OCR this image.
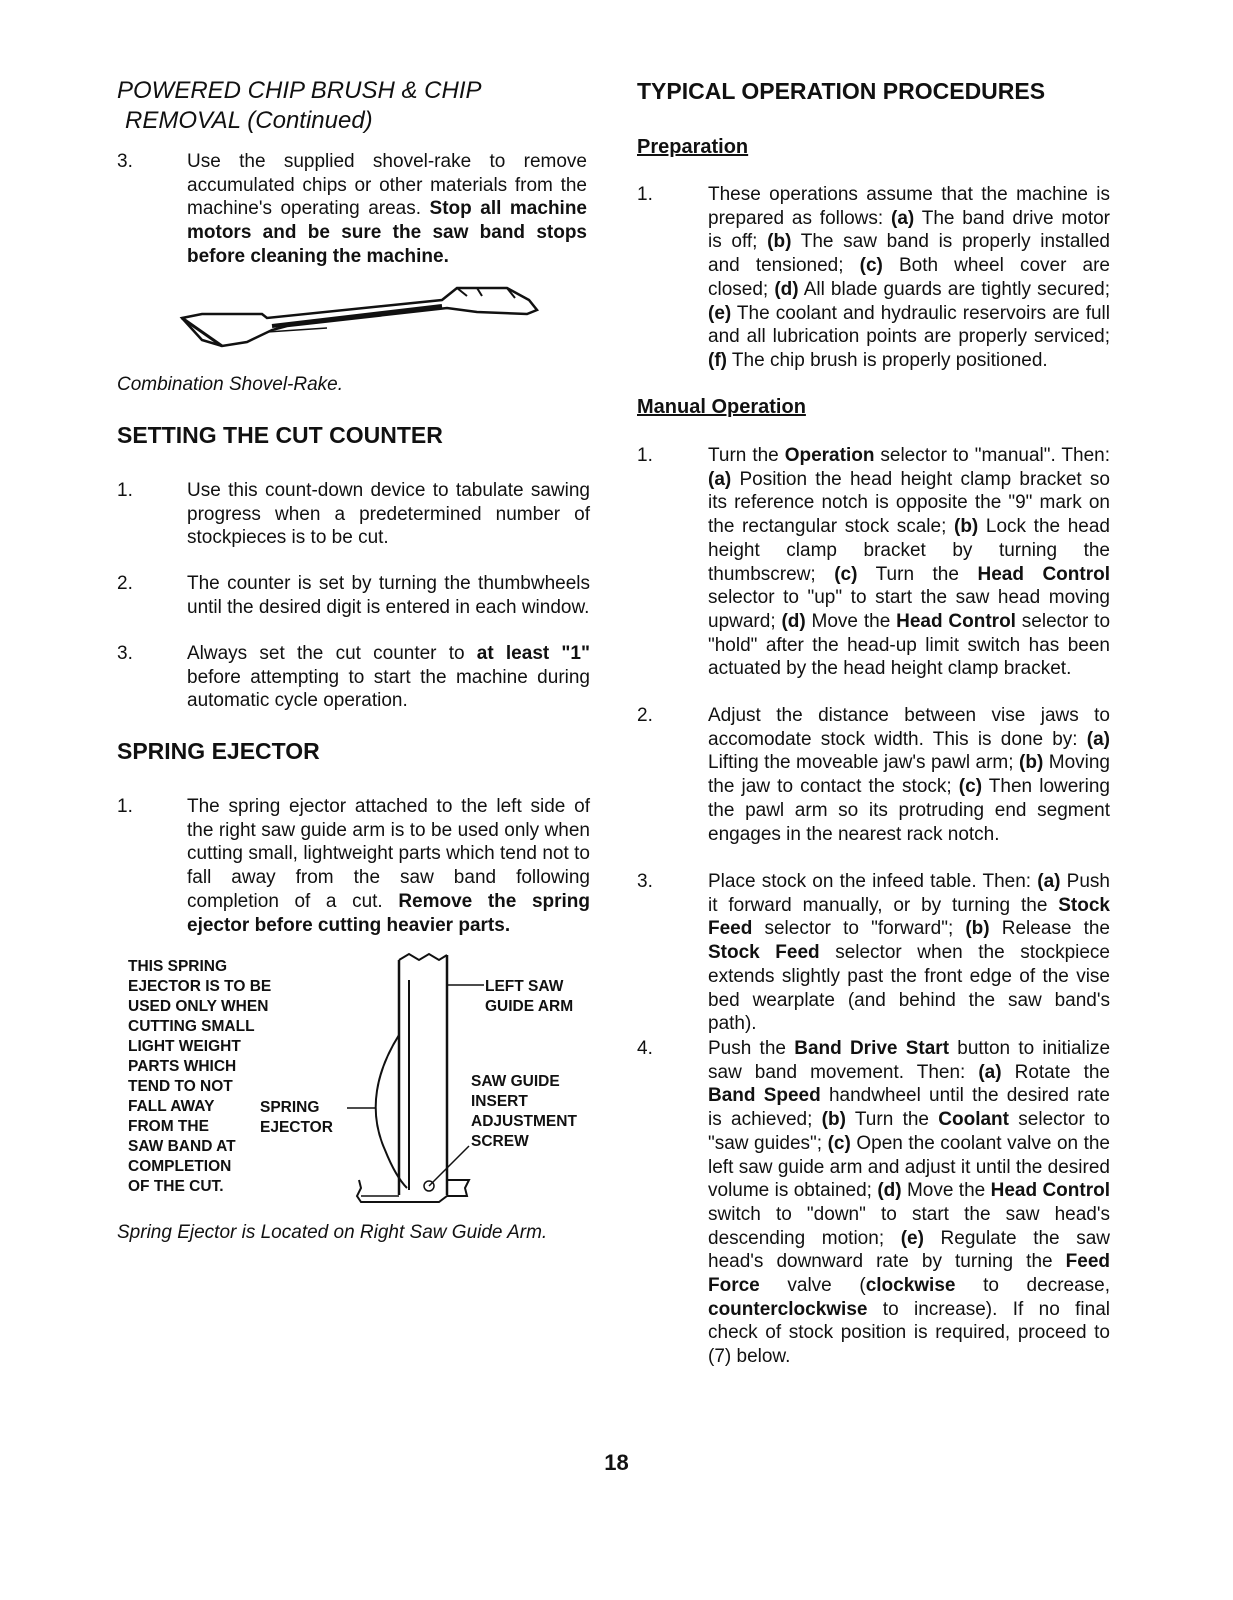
POWERED CHIP BRUSH & CHIP
REMOVAL (Continued)
3.	Use the supplied shovel-rake to remove accumulated chips or other materials from the machine's operating areas. Stop all machine motors and be sure the saw band stops before cleaning the machine.
Combination Shovel-Rake.
SETTING THE CUT COUNTER
1.	Use this count-down device to tabulate sawing progress when a predetermined number of stockpieces is to be cut.
2.	The counter is set by turning the thumbwheels until the desired digit is entered in each window.
3.	Always set the cut counter to at least "1" before attempting to start the machine during automatic cycle operation.
SPRING EJECTOR
1.	The spring ejector attached to the left side of the right saw guide arm is to be used only when cutting small, lightweight parts which tend not to fall away from the saw band following completion of a cut. Remove the spring ejector before cutting heavier parts.
THIS SPRING
EJECTOR IS TO BE
USED ONLY WHEN
CUTTING SMALL
LIGHT WEIGHT
PARTS WHICH
TEND TO NOT
FALL AWAY
FROM THE
SAW BAND AT
COMPLETION
OF THE CUT.
SPRING
EJECTOR
LEFT SAW
GUIDE ARM
SAW GUIDE
INSERT
ADJUSTMENT
SCREW
Spring Ejector is Located on Right Saw Guide Arm.
TYPICAL OPERATION PROCEDURES
Preparation
1.	These operations assume that the machine is prepared as follows: (a) The band drive motor is off; (b) The saw band is properly installed and tensioned; (c) Both wheel cover are closed; (d) All blade guards are tightly secured; (e) The coolant and hydraulic reservoirs are full and all lubrication points are properly serviced; (f) The chip brush is properly positioned.
Manual Operation
1.	Turn the Operation selector to "manual". Then: (a) Position the head height clamp bracket so its reference notch is opposite the "9" mark on the rectangular stock scale; (b) Lock the head height clamp bracket by turning the thumbscrew; (c) Turn the Head Control selector to "up" to start the saw head moving upward; (d) Move the Head Control selector to "hold" after the head-up limit switch has been actuated by the head height clamp bracket.
2.	Adjust the distance between vise jaws to accomodate stock width. This is done by: (a) Lifting the moveable jaw's pawl arm; (b) Moving the jaw to contact the stock; (c) Then lowering the pawl arm so its protruding end segment engages in the nearest rack notch.
3.	Place stock on the infeed table. Then: (a) Push it forward manually, or by turning the Stock Feed selector to "forward"; (b) Release the Stock Feed selector when the stockpiece extends slightly past the front edge of the vise bed wearplate (and behind the saw band's path).
4.	Push the Band Drive Start button to initialize saw band movement. Then: (a) Rotate the Band Speed handwheel until the desired rate is achieved; (b) Turn the Coolant selector to "saw guides"; (c) Open the coolant valve on the left saw guide arm and adjust it until the desired volume is obtained; (d) Move the Head Control switch to "down" to start the saw head's descending motion; (e) Regulate the saw head's downward rate by turning the Feed Force valve (clockwise to decrease, counterclockwise to increase). If no final check of stock position is required, proceed to (7) below.
18
